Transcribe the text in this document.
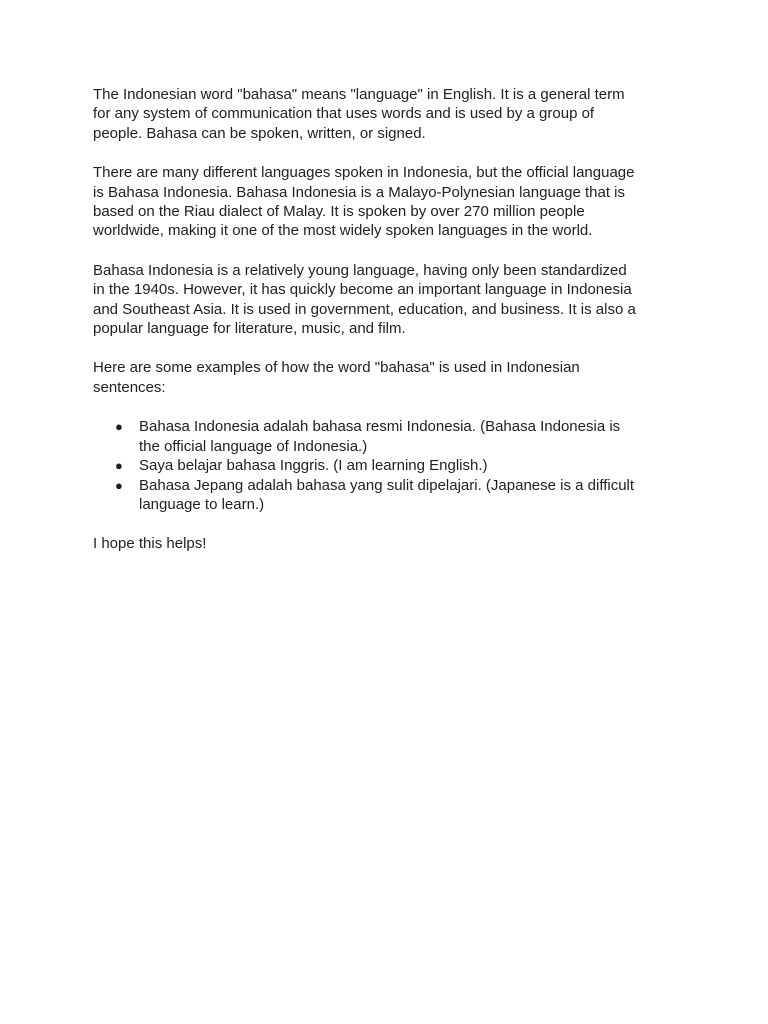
The Indonesian word "bahasa" means "language" in English. It is a general term for any system of communication that uses words and is used by a group of people. Bahasa can be spoken, written, or signed.

There are many different languages spoken in Indonesia, but the official language is Bahasa Indonesia. Bahasa Indonesia is a Malayo-Polynesian language that is based on the Riau dialect of Malay. It is spoken by over 270 million people worldwide, making it one of the most widely spoken languages in the world.

Bahasa Indonesia is a relatively young language, having only been standardized in the 1940s. However, it has quickly become an important language in Indonesia and Southeast Asia. It is used in government, education, and business. It is also a popular language for literature, music, and film.

Here are some examples of how the word "bahasa" is used in Indonesian sentences:

● Bahasa Indonesia adalah bahasa resmi Indonesia. (Bahasa Indonesia is the official language of Indonesia.)
● Saya belajar bahasa Inggris. (I am learning English.)
● Bahasa Jepang adalah bahasa yang sulit dipelajari. (Japanese is a difficult language to learn.)

I hope this helps!
